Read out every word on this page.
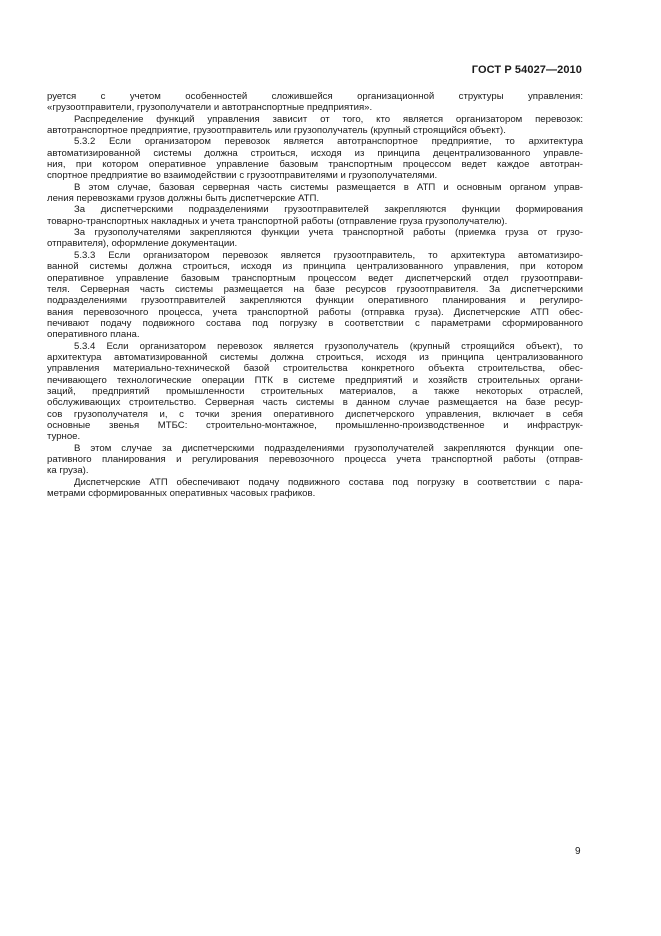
ГОСТ Р 54027—2010

руется с учетом особенностей сложившейся организационной структуры управления:
«грузоотправители, грузополучатели и автотранспортные предприятия».

Распределение функций управления зависит от того, кто является организатором перевозок:
автотранспортное предприятие, грузоотправитель или грузополучатель (крупный строящийся объект).

5.3.2 Если организатором перевозок является автотранспортное предприятие, то архитектура
автоматизированной системы должна строиться, исходя из принципа децентрализованного управле-
ния, при котором оперативное управление базовым транспортным процессом ведет каждое автотран-
спортное предприятие во взаимодействии с грузоотправителями и грузополучателями.

В этом случае, базовая серверная часть системы размещается в АТП и основным органом управ-
ления перевозками грузов должны быть диспетчерские АТП.

За диспетчерскими подразделениями грузоотправителей закрепляются функции формирования
товарно-транспортных накладных и учета транспортной работы (отправление груза грузополучателю).

За грузополучателями закрепляются функции учета транспортной работы (приемка груза от грузо-
отправителя), оформление документации.

5.3.3 Если организатором перевозок является грузоотправитель, то архитектура автоматизиро-
ванной системы должна строиться, исходя из принципа централизованного управления, при котором
оперативное управление базовым транспортным процессом ведет диспетчерский отдел грузоотправи-
теля. Серверная часть системы размещается на базе ресурсов грузоотправителя. За диспетчерскими
подразделениями грузоотправителей закрепляются функции оперативного планирования и регулиро-
вания перевозочного процесса, учета транспортной работы (отправка груза). Диспетчерские АТП обес-
печивают подачу подвижного состава под погрузку в соответствии с параметрами сформированного
оперативного плана.

5.3.4 Если организатором перевозок является грузополучатель (крупный строящийся объект), то
архитектура автоматизированной системы должна строиться, исходя из принципа централизованного
управления материально-технической базой строительства конкретного объекта строительства, обес-
печивающего технологические операции ПТК в системе предприятий и хозяйств строительных органи-
заций, предприятий промышленности строительных материалов, а также некоторых отраслей,
обслуживающих строительство. Серверная часть системы в данном случае размещается на базе ресур-
сов грузополучателя и, с точки зрения оперативного диспетчерского управления, включает в себя
основные звенья МТБС: строительно-монтажное, промышленно-производственное и инфраструк-
турное.

В этом случае за диспетчерскими подразделениями грузополучателей закрепляются функции опе-
ративного планирования и регулирования перевозочного процесса учета транспортной работы (отправ-
ка груза).

Диспетчерские АТП обеспечивают подачу подвижного состава под погрузку в соответствии с пара-
метрами сформированных оперативных часовых графиков.

9
